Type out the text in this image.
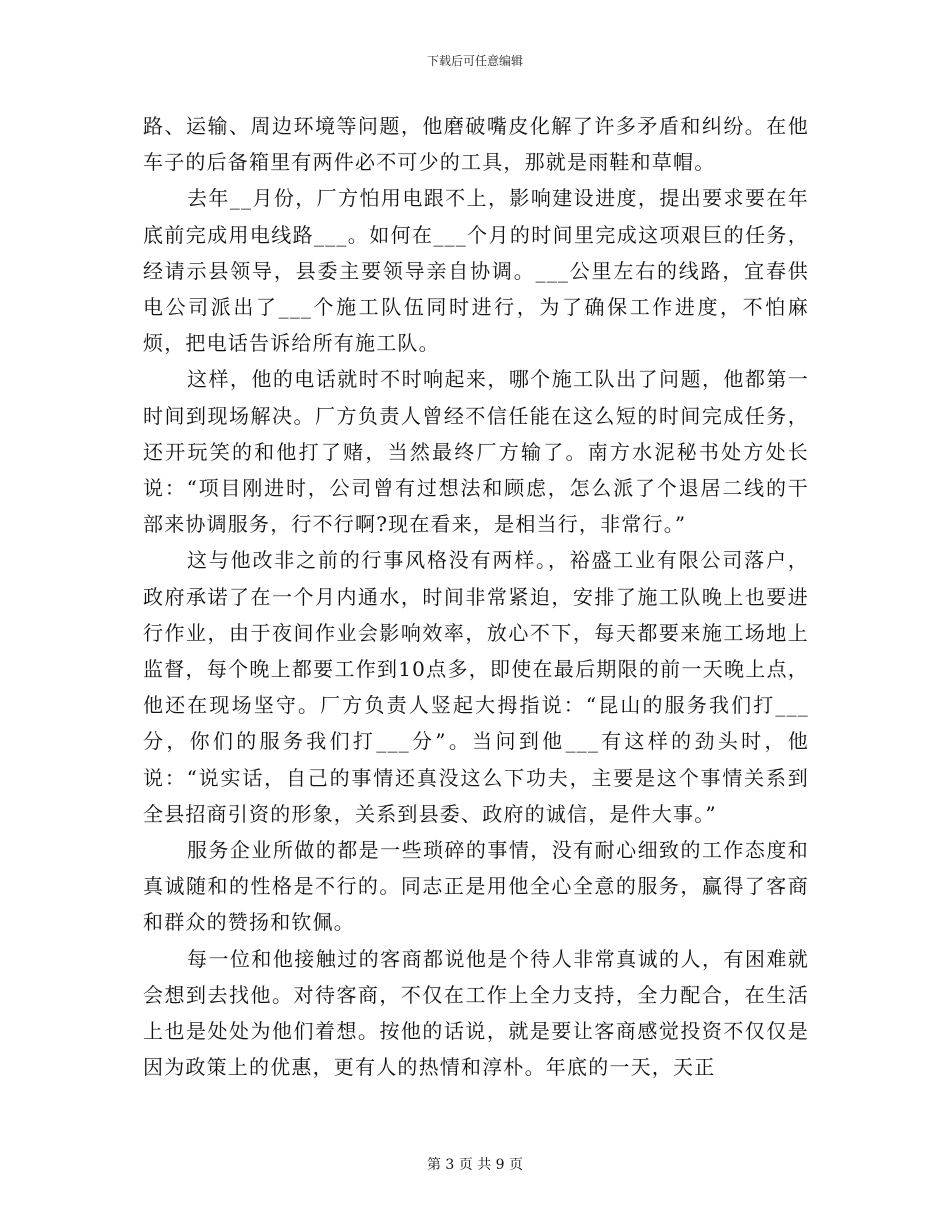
下载后可任意编辑

路、运输、周边环境等问题，他磨破嘴皮化解了许多矛盾和纠纷。在他车子的后备箱里有两件必不可少的工具，那就是雨鞋和草帽。

去年__月份，厂方怕用电跟不上，影响建设进度，提出要求要在年底前完成用电线路___。如何在___个月的时间里完成这项艰巨的任务，经请示县领导，县委主要领导亲自协调。___公里左右的线路，宜春供电公司派出了___个施工队伍同时进行，为了确保工作进度，不怕麻烦，把电话告诉给所有施工队。

这样，他的电话就时不时响起来，哪个施工队出了问题，他都第一时间到现场解决。厂方负责人曾经不信任能在这么短的时间完成任务，还开玩笑的和他打了赌，当然最终厂方输了。南方水泥秘书处方处长说：“项目刚进时，公司曾有过想法和顾虑，怎么派了个退居二线的干部来协调服务，行不行啊?现在看来，是相当行，非常行。”

这与他改非之前的行事风格没有两样。，裕盛工业有限公司落户，政府承诺了在一个月内通水，时间非常紧迫，安排了施工队晚上也要进行作业，由于夜间作业会影响效率，放心不下，每天都要来施工场地上监督，每个晚上都要工作到10点多，即使在最后期限的前一天晚上点，他还在现场坚守。厂方负责人竖起大拇指说：“昆山的服务我们打___分，你们的服务我们打___分”。当问到他___有这样的劲头时，他说：“说实话，自己的事情还真没这么下功夫，主要是这个事情关系到全县招商引资的形象，关系到县委、政府的诚信，是件大事。”

服务企业所做的都是一些琐碎的事情，没有耐心细致的工作态度和真诚随和的性格是不行的。同志正是用他全心全意的服务，赢得了客商和群众的赞扬和钦佩。

每一位和他接触过的客商都说他是个待人非常真诚的人，有困难就会想到去找他。对待客商，不仅在工作上全力支持，全力配合，在生活上也是处处为他们着想。按他的话说，就是要让客商感觉投资不仅仅是因为政策上的优惠，更有人的热情和淳朴。年底的一天，天正

第 3 页 共 9 页
